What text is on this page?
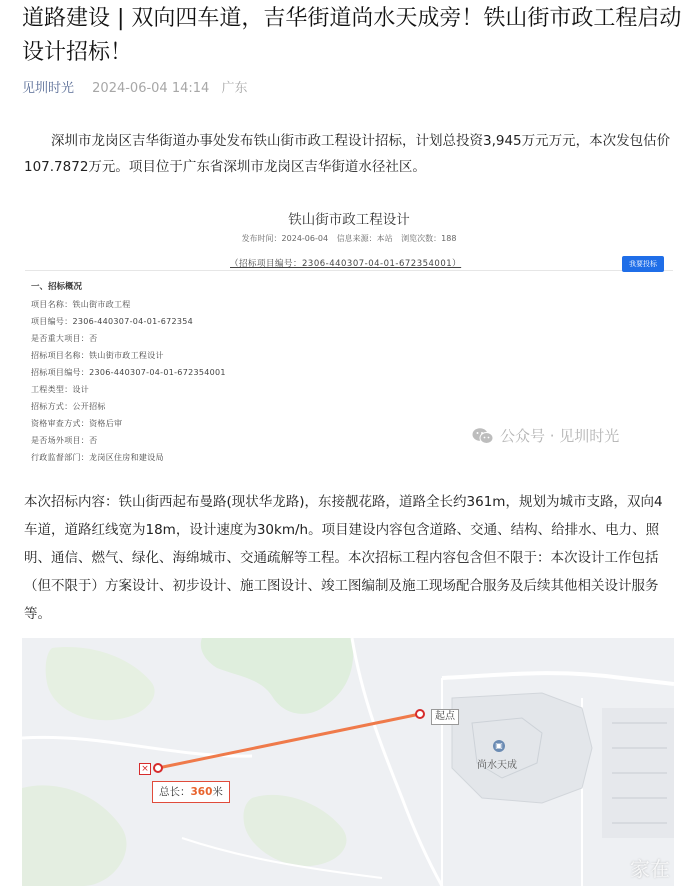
道路建设 | 双向四车道，吉华街道尚水天成旁！铁山街市政工程启动设计招标！
见圳时光 2024-06-04 14:14 广东

深圳市龙岗区吉华街道办事处发布铁山街市政工程设计招标，计划总投资3,945万元万元，本次发包估价107.7872万元。项目位于广东省深圳市龙岗区吉华街道水径社区。

铁山街市政工程设计
发布时间：2024-06-04 信息来源：本站 浏览次数：188
（招标项目编号：2306-440307-04-01-672354001）	我要投标
一、招标概况
项目名称：铁山街市政工程
项目编号：2306-440307-04-01-672354
是否重大项目：否
招标项目名称：铁山街市政工程设计
招标项目编号：2306-440307-04-01-672354001
工程类型：设计
招标方式：公开招标
资格审查方式：资格后审
是否场外项目：否
行政监督部门：龙岗区住房和建设局
公众号 · 见圳时光

本次招标内容：铁山街西起布曼路(现状华龙路)，东接靓花路，道路全长约361m，规划为城市支路，双向4车道，道路红线宽为18m，设计速度为30km/h。项目建设内容包含道路、交通、结构、给排水、电力、照明、通信、燃气、绿化、海绵城市、交通疏解等工程。本次招标工程内容包含但不限于：本次设计工作包括（但不限于）方案设计、初步设计、施工图设计、竣工图编制及施工现场配合服务及后续其他相关设计服务等。

起点
×
总长：360米
▣
尚水天成
家在
